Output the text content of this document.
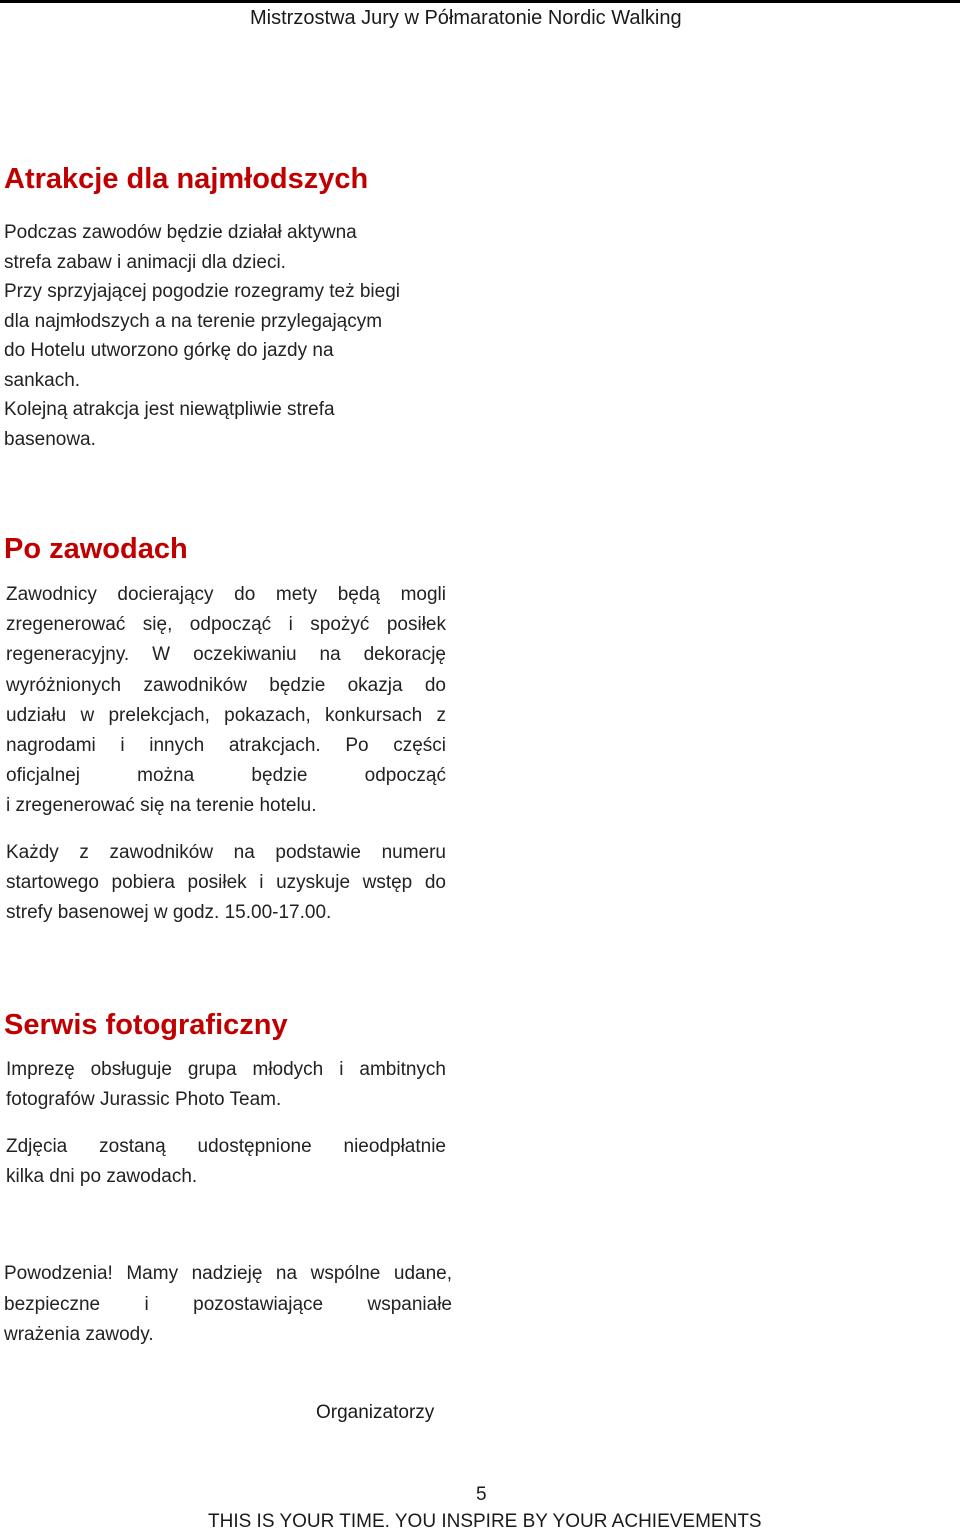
Mistrzostwa Jury w Półmaratonie Nordic Walking
Atrakcje dla najmłodszych
Podczas zawodów będzie działał aktywna
strefa zabaw i animacji dla dzieci.
Przy sprzyjającej pogodzie rozegramy też biegi
dla najmłodszych a na terenie przylegającym
do Hotelu utworzono górkę do jazdy na
sankach.
Kolejną atrakcja jest niewątpliwie strefa
basenowa.
Po zawodach
Zawodnicy docierający do mety będą mogli
zregenerować się, odpocząć i spożyć posiłek
regeneracyjny. W oczekiwaniu na dekorację
wyróżnionych zawodników będzie okazja do
udziału w prelekcjach, pokazach, konkursach z
nagrodami i innych atrakcjach. Po części
oficjalnej można będzie odpocząć
i zregenerować się na terenie hotelu.
Każdy z zawodników na podstawie numeru
startowego pobiera posiłek i uzyskuje wstęp do
strefy basenowej w godz. 15.00-17.00.
Serwis fotograficzny
Imprezę obsługuje grupa młodych i ambitnych
fotografów Jurassic Photo Team.
Zdjęcia zostaną udostępnione nieodpłatnie
kilka dni po zawodach.
Powodzenia! Mamy nadzieję na wspólne udane,
bezpieczne i pozostawiające wspaniałe
wrażenia zawody.
Organizatorzy
5
THIS IS YOUR TIME. YOU INSPIRE BY YOUR ACHIEVEMENTS
